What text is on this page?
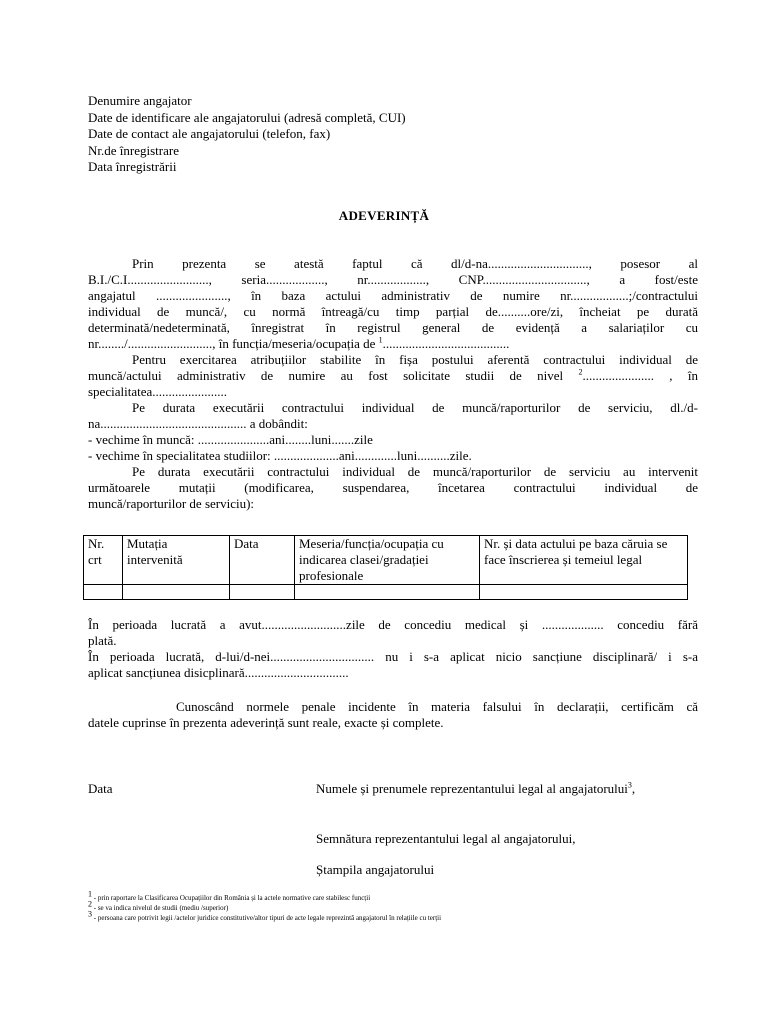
Denumire angajator
Date de identificare ale angajatorului (adresă completă, CUI)
Date de contact ale angajatorului (telefon, fax)
Nr.de înregistrare
Data înregistrării
ADEVERINȚĂ
Prin prezenta se atestă faptul că dl/d-na..............................., posesor al
B.I./C.I........................., seria.................., nr.................., CNP................................, a fost/este
angajatul ......................, în baza actului administrativ de numire nr..................;/contractului
individual de muncă/, cu normă întreagă/cu timp parțial de..........ore/zi, încheiat pe durată
determinată/nedeterminată, înregistrat în registrul general de evidență a salariaților cu
nr......../.........................., în funcția/meseria/ocupația de $^1$.......................................
Pentru exercitarea atribuțiilor stabilite în fișa postului aferentă contractului individual de
muncă/actului administrativ de numire au fost solicitate studii de nivel $^2$...................... , în
specialitatea.......................
Pe durata executării contractului individual de muncă/raporturilor de serviciu, dl./d-
na............................................. a dobândit:
- vechime în muncă: ......................ani........luni.......zile
- vechime în specialitatea studiilor: ....................ani.............luni..........zile.
Pe durata executării contractului individual de muncă/raporturilor de serviciu au intervenit
următoarele mutații (modificarea, suspendarea, încetarea contractului individual de
muncă/raporturilor de serviciu):
Nr. crt	Mutația intervenită	Data	Meseria/funcția/ocupația cu indicarea clasei/gradației profesionale	Nr. și data actului pe baza căruia se face înscrierea și temeiul legal

În perioada lucrată a avut..........................zile de concediu medical și ................... concediu fără
plată.
În perioada lucrată, d-lui/d-nei................................ nu i s-a aplicat nicio sancțiune disciplinară/ i s-a
aplicat sancțiunea disicplinară................................
Cunoscând normele penale incidente în materia falsului în declarații, certificăm că
datele cuprinse în prezenta adeverință sunt reale, exacte și complete.
Data	Numele și prenumele reprezentantului legal al angajatorului$^3$,
Semnătura reprezentantului legal al angajatorului,
Ștampila angajatorului
$^1$ - prin raportare la Clasificarea Ocupațiilor din România și la actele normative care stabilesc funcții
$^2$ - se va indica nivelul de studii (mediu /superior)
$^3$ - persoana care potrivit legii /actelor juridice constitutive/altor tipuri de acte legale reprezintă angajatorul în relațiile cu terții
